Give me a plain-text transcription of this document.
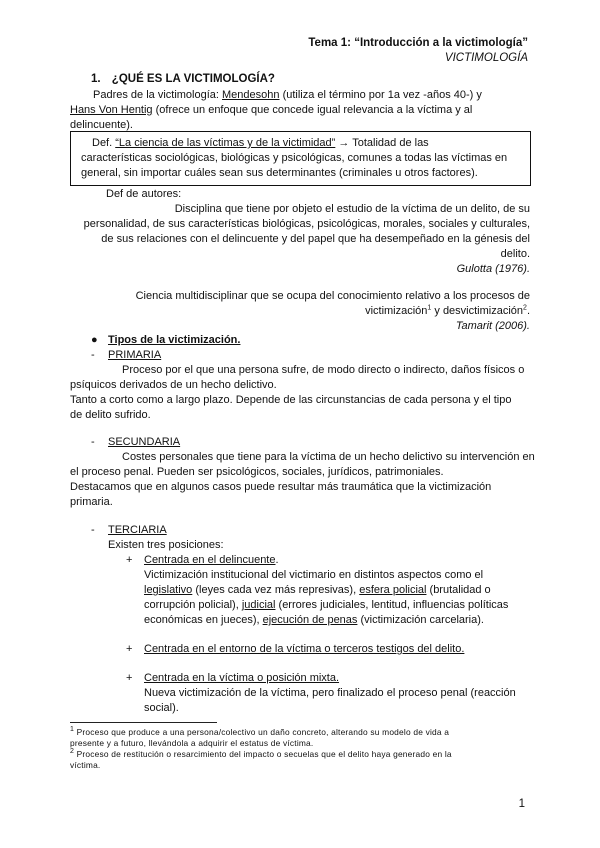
Tema 1: “Introducción a la victimología”
VICTIMOLOGÍA
1. ¿QUÉ ES LA VICTIMOLOGÍA?
Padres de la victimología: Mendesohn (utiliza el término por 1a vez -años 40-) y
Hans Von Hentig (ofrece un enfoque que concede igual relevancia a la víctima y al
delincuente).
Def. “La ciencia de las víctimas y de la victimidad” → Totalidad de las
características sociológicas, biológicas y psicológicas, comunes a todas las víctimas en
general, sin importar cuáles sean sus determinantes (criminales u otros factores).
Def de autores:
Disciplina que tiene por objeto el estudio de la víctima de un delito, de su
personalidad, de sus características biológicas, psicológicas, morales, sociales y culturales,
de sus relaciones con el delincuente y del papel que ha desempeñado en la génesis del
delito.
Gulotta (1976).
Ciencia multidisciplinar que se ocupa del conocimiento relativo a los procesos de
victimización$^1$ y desvictimización$^2$.
Tamarit (2006).
● Tipos de la victimización.
- PRIMARIA
Proceso por el que una persona sufre, de modo directo o indirecto, daños físicos o
psíquicos derivados de un hecho delictivo.
Tanto a corto como a largo plazo. Depende de las circunstancias de cada persona y el tipo
de delito sufrido.
- SECUNDARIA
Costes personales que tiene para la víctima de un hecho delictivo su intervención en
el proceso penal. Pueden ser psicológicos, sociales, jurídicos, patrimoniales.
Destacamos que en algunos casos puede resultar más traumática que la victimización
primaria.
- TERCIARIA
Existen tres posiciones:
+ Centrada en el delincuente.
Victimización institucional del victimario en distintos aspectos como el
legislativo (leyes cada vez más represivas), esfera policial (brutalidad o
corrupción policial), judicial (errores judiciales, lentitud, influencias políticas
económicas en jueces), ejecución de penas (victimización carcelaria).
+ Centrada en el entorno de la víctima o terceros testigos del delito.
+ Centrada en la víctima o posición mixta.
Nueva victimización de la víctima, pero finalizado el proceso penal (reacción
social).
$^1$ Proceso que produce a una persona/colectivo un daño concreto, alterando su modelo de vida a
presente y a futuro, llevándola a adquirir el estatus de víctima.
$^2$ Proceso de restitución o resarcimiento del impacto o secuelas que el delito haya generado en la
víctima.
1
